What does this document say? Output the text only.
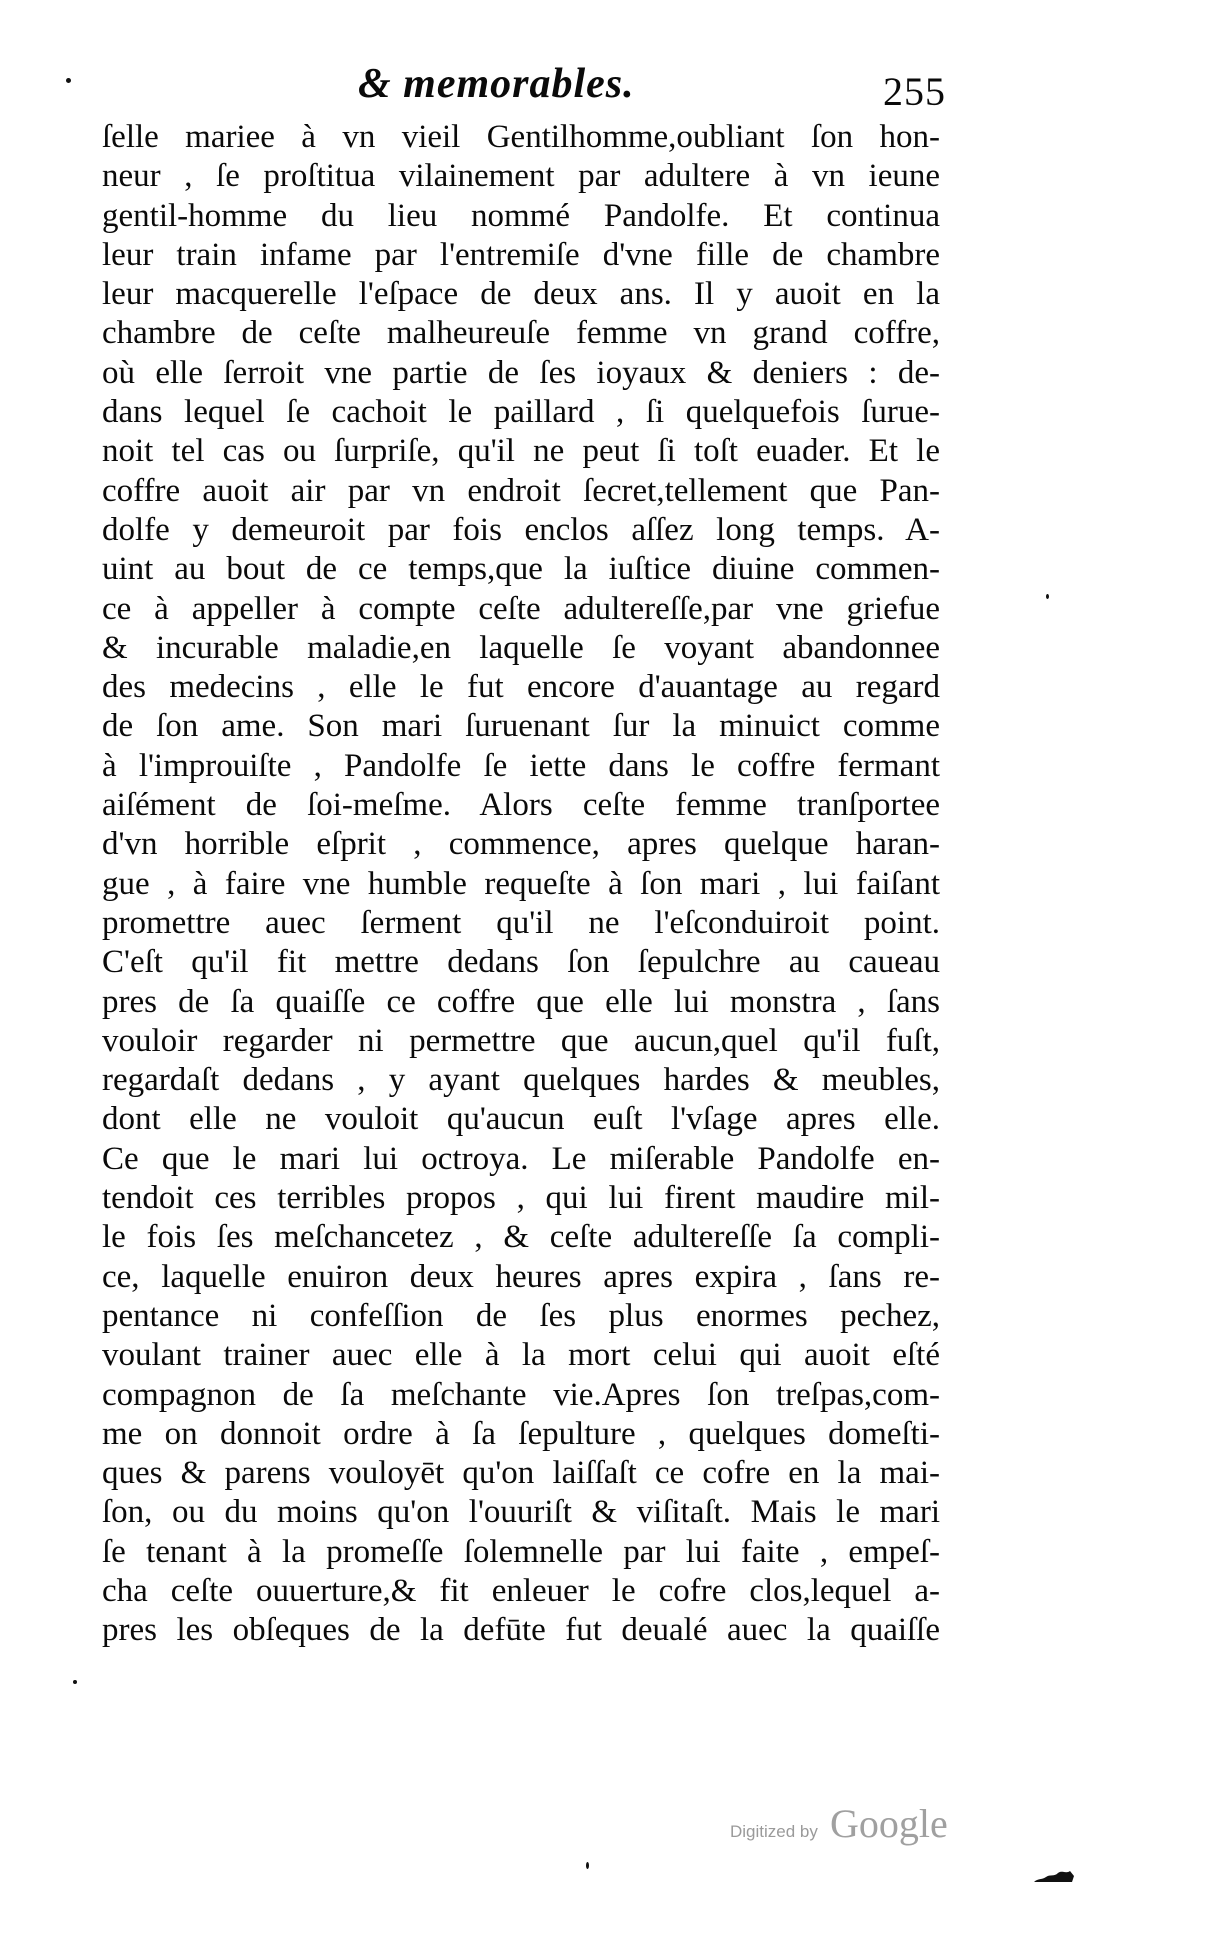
& memorables.	255
ſelle mariee à vn vieil Gentilhomme,oubliant ſon hon-
neur , ſe proſtitua vilainement par adultere à vn ieune
gentil-homme du lieu nommé Pandolfe. Et continua
leur train infame par l'entremiſe d'vne fille de chambre
leur macquerelle l'eſpace de deux ans. Il y auoit en la
chambre de ceſte malheureuſe femme vn grand coffre,
où elle ſerroit vne partie de ſes ioyaux & deniers : de-
dans lequel ſe cachoit le paillard , ſi quelquefois ſurue-
noit tel cas ou ſurpriſe, qu'il ne peut ſi toſt euader. Et le
coffre auoit air par vn endroit ſecret,tellement que Pan-
dolfe y demeuroit par fois enclos aſſez long temps. A-
uint au bout de ce temps,que la iuſtice diuine commen-
ce à appeller à compte ceſte adultereſſe,par vne griefue
& incurable maladie,en laquelle ſe voyant abandonnee
des medecins , elle le fut encore d'auantage au regard
de ſon ame. Son mari ſuruenant ſur la minuict comme
à l'improuiſte , Pandolfe ſe iette dans le coffre fermant
aiſément de ſoi-meſme. Alors ceſte femme tranſportee
d'vn horrible eſprit , commence, apres quelque haran-
gue , à faire vne humble requeſte à ſon mari , lui faiſant
promettre auec ſerment qu'il ne l'eſconduiroit point.
C'eſt qu'il fit mettre dedans ſon ſepulchre au caueau
pres de ſa quaiſſe ce coffre que elle lui monstra , ſans
vouloir regarder ni permettre que aucun,quel qu'il fuſt,
regardaſt dedans , y ayant quelques hardes & meubles,
dont elle ne vouloit qu'aucun euſt l'vſage apres elle.
Ce que le mari lui octroya. Le miſerable Pandolfe en-
tendoit ces terribles propos , qui lui firent maudire mil-
le fois ſes meſchancetez , & ceſte adultereſſe ſa compli-
ce, laquelle enuiron deux heures apres expira , ſans re-
pentance ni confeſſion de ſes plus enormes pechez,
voulant trainer auec elle à la mort celui qui auoit eſté
compagnon de ſa meſchante vie.Apres ſon treſpas,com-
me on donnoit ordre à ſa ſepulture , quelques domeſti-
ques & parens vouloyēt qu'on laiſſaſt ce cofre en la mai-
ſon, ou du moins qu'on l'ouuriſt & viſitaſt. Mais le mari
ſe tenant à la promeſſe ſolemnelle par lui faite , empeſ-
cha ceſte ouuerture,& fit enleuer le cofre clos,lequel a-
pres les obſeques de la defūte fut deualé auec la quaiſſe
Digitized by Google
